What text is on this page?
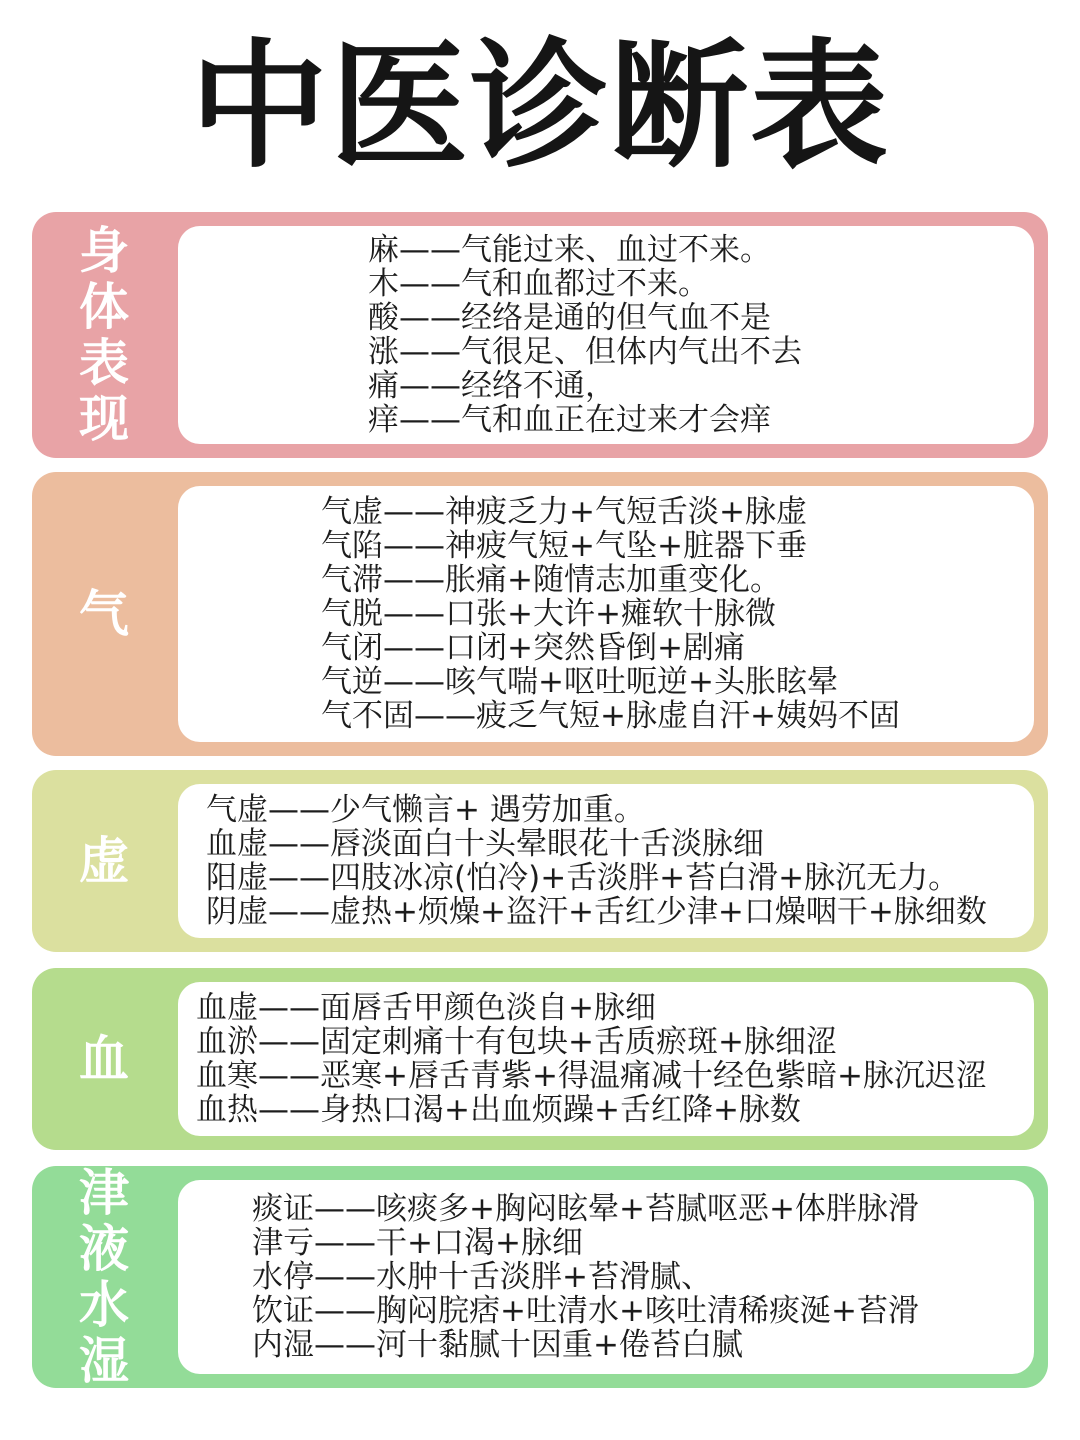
中医诊断表
身体表现
麻——气能过来、血过不来。
木——气和血都过不来。
酸——经络是通的但气血不是
涨——气很足、但体内气出不去
痛——经络不通，
痒——气和血正在过来才会痒
气
气虚——神疲乏力+气短舌淡+脉虚
气陷——神疲气短+气坠+脏器下垂
气滞——胀痛+随情志加重变化。
气脱——口张+大许+瘫软十脉微
气闭——口闭+突然昏倒+剧痛
气逆——咳气喘+呕吐呃逆+头胀眩晕
气不固——疲乏气短+脉虚自汗+姨妈不固
虚
气虚——少气懒言+ 遇劳加重。
血虚——唇淡面白十头晕眼花十舌淡脉细
阳虚——四肢冰凉(怕冷)+舌淡胖+苔白滑+脉沉无力。
阴虚——虚热+烦燥+盗汗+舌红少津+口燥咽干+脉细数
血
血虚——面唇舌甲颜色淡自+脉细
血淤——固定刺痛十有包块+舌质瘀斑+脉细涩
血寒——恶寒+唇舌青紫+得温痛减十经色紫暗+脉沉迟涩
血热——身热口渴+出血烦躁+舌红降+脉数
津液水湿
痰证——咳痰多+胸闷眩晕+苔腻呕恶+体胖脉滑
津亏——干+口渴+脉细
水停——水肿十舌淡胖+苔滑腻、
饮证——胸闷脘痞+吐清水+咳吐清稀痰涎+苔滑
内湿——河十黏腻十因重+倦苔白腻
